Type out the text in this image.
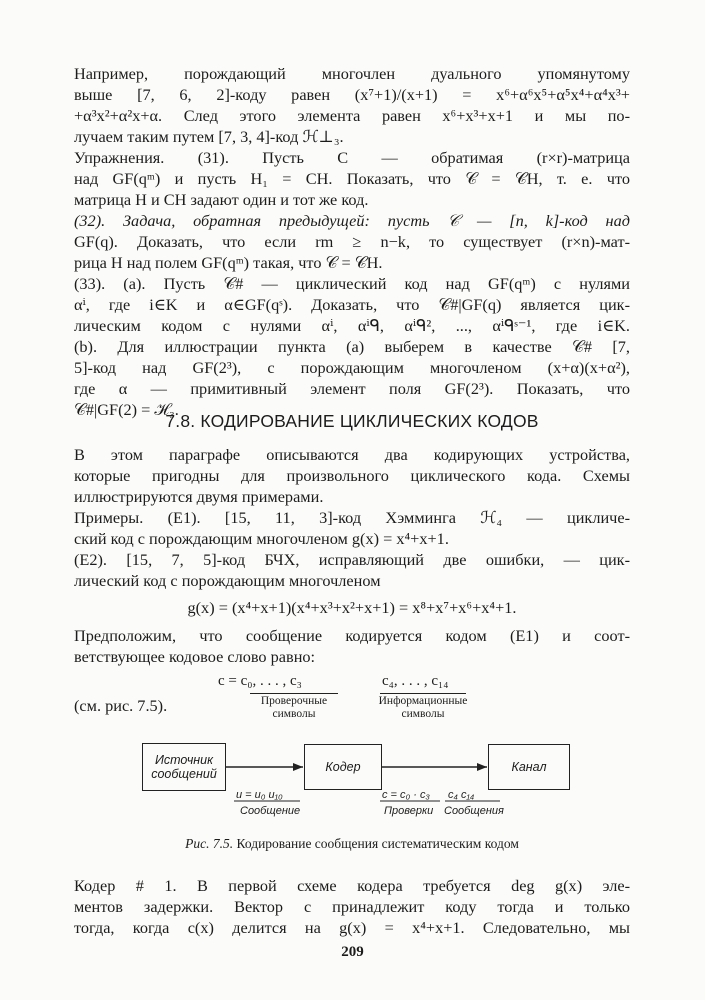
Например, порождающий многочлен дуального упомянутому
выше [7, 6, 2]-коду равен (x⁷+1)/(x+1) = x⁶+α⁶x⁵+α⁵x⁴+α⁴x³+
+α³x²+α²x+α. След этого элемента равен x⁶+x³+x+1 и мы по-
лучаем таким путем [7, 3, 4]-код ℋ⊥₃.
Упражнения. (31). Пусть C — обратимая (r×r)-матрица
над GF(qᵐ) и пусть H₁ = CH. Показать, что 𝒞 = 𝒞H, т. е. что
матрица H и CH задают один и тот же код.
(32). Задача, обратная предыдущей: пусть 𝒞 — [n, k]-код над
GF(q). Доказать, что если rm ≥ n−k, то существует (r×n)-мат-
рица H над полем GF(qᵐ) такая, что 𝒞 = 𝒞H.
(33). (a). Пусть 𝒞# — циклический код над GF(qᵐ) с нулями
αⁱ, где i∈K и α∈GF(qˢ). Доказать, что 𝒞#|GF(q) является цик-
лическим кодом с нулями αⁱ, αⁱᑫ, αⁱᑫ², ..., αⁱᑫˢ⁻¹, где i∈K.
(b). Для иллюстрации пункта (a) выберем в качестве 𝒞# [7,
5]-код над GF(2³), с порождающим многочленом (x+α)(x+α²),
где α — примитивный элемент поля GF(2³). Показать, что
𝒞#|GF(2) = ℋ₃.
7.8. КОДИРОВАНИЕ ЦИКЛИЧЕСКИХ КОДОВ
В этом параграфе описываются два кодирующих устройства,
которые пригодны для произвольного циклического кода. Схемы
иллюстрируются двумя примерами.
Примеры. (E1). [15, 11, 3]-код Хэмминга ℋ₄ — цикличе-
ский код с порождающим многочленом g(x) = x⁴+x+1.
(E2). [15, 7, 5]-код БЧХ, исправляющий две ошибки, — цик-
лический код с порождающим многочленом
g(x) = (x⁴+x+1)(x⁴+x³+x²+x+1) = x⁸+x⁷+x⁶+x⁴+1.
Предположим, что сообщение кодируется кодом (E1) и соот-
ветствующее кодовое слово равно:
c = c₀, . . . , c₃	c₄, . . . , c₁₄
Проверочные
символы
Информационные
символы
(см. рис. 7.5).
Источник
сообщений	Кодер	Канал
u = u₀ u₁₀
Сообщение
c = c₀ · c₃ c₄ c₁₄
Проверки Сообщения
Рис. 7.5. Кодирование сообщения систематическим кодом
Кодер # 1. В первой схеме кодера требуется deg g(x) эле-
ментов задержки. Вектор c принадлежит коду тогда и только
тогда, когда c(x) делится на g(x) = x⁴+x+1. Следовательно, мы
209
